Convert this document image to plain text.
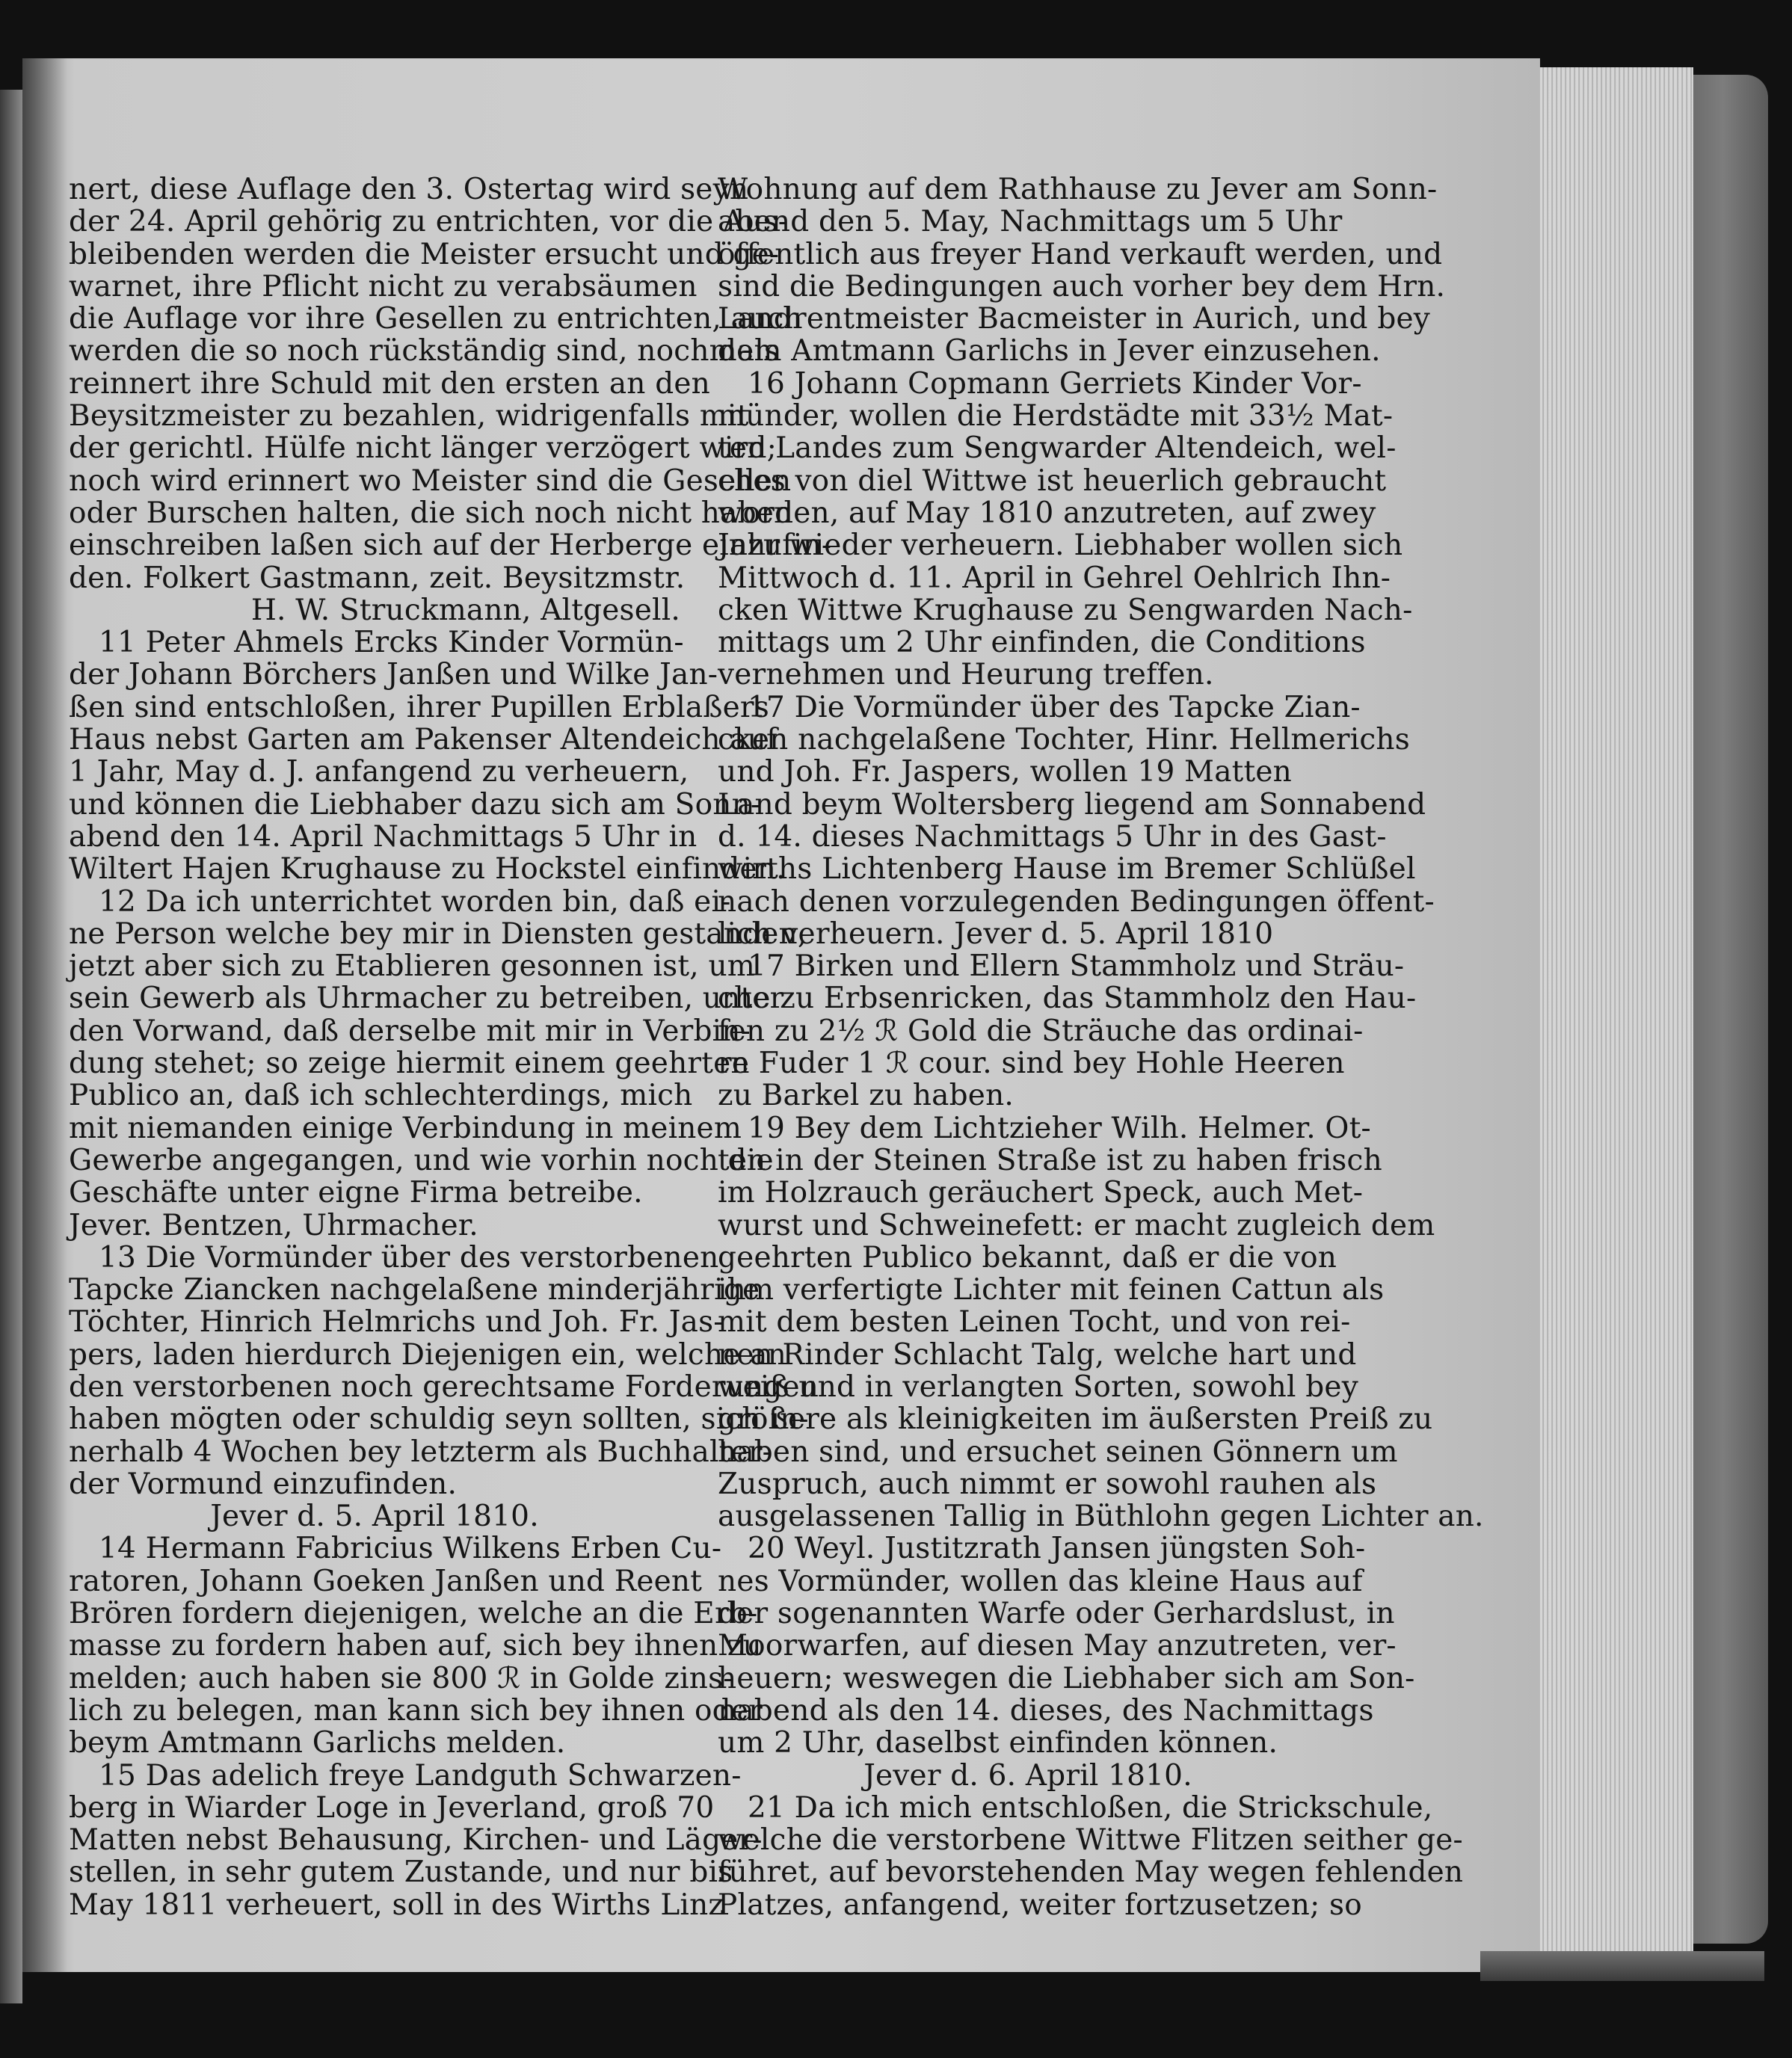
nert, diese Auflage den 3. Ostertag wird seyn
der 24. April gehörig zu entrichten, vor die Aus-
bleibenden werden die Meister ersucht und ge-
warnet, ihre Pflicht nicht zu verabsäumen
die Auflage vor ihre Gesellen zu entrichten, auch
werden die so noch rückständig sind, nochmals
reinnert ihre Schuld mit den ersten an den
Beysitzmeister zu bezahlen, widrigenfalls mit
der gerichtl. Hülfe nicht länger verzögert wird;
noch wird erinnert wo Meister sind die Gesellen
oder Burschen halten, die sich noch nicht haben
einschreiben laßen sich auf der Herberge einzufin-
den. Folkert Gastmann, zeit. Beysitzmstr.
H. W. Struckmann, Altgesell.
11 Peter Ahmels Ercks Kinder Vormün-
der Johann Börchers Janßen und Wilke Jan-
ßen sind entschloßen, ihrer Pupillen Erblaßers
Haus nebst Garten am Pakenser Altendeich auf
1 Jahr, May d. J. anfangend zu verheuern,
und können die Liebhaber dazu sich am Sonn-
abend den 14. April Nachmittags 5 Uhr in
Wiltert Hajen Krughause zu Hockstel einfinden.
12 Da ich unterrichtet worden bin, daß ei-
ne Person welche bey mir in Diensten gestanden,
jetzt aber sich zu Etablieren gesonnen ist, um
sein Gewerb als Uhrmacher zu betreiben, unter
den Vorwand, daß derselbe mit mir in Verbin-
dung stehet; so zeige hiermit einem geehrten
Publico an, daß ich schlechterdings, mich
mit niemanden einige Verbindung in meinem
Gewerbe angegangen, und wie vorhin noch die
Geschäfte unter eigne Firma betreibe.
Jever. Bentzen, Uhrmacher.
13 Die Vormünder über des verstorbenen
Tapcke Ziancken nachgelaßene minderjährige
Töchter, Hinrich Helmrichs und Joh. Fr. Jas-
pers, laden hierdurch Diejenigen ein, welche an
den verstorbenen noch gerechtsame Forderungen
haben mögten oder schuldig seyn sollten, sich in-
nerhalb 4 Wochen bey letzterm als Buchhalter-
der Vormund einzufinden.
Jever d. 5. April 1810.
14 Hermann Fabricius Wilkens Erben Cu-
ratoren, Johann Goeken Janßen und Reent
Brören fordern diejenigen, welche an die Erb-
masse zu fordern haben auf, sich bey ihnen zu
melden; auch haben sie 800 ℛ in Golde zins-
lich zu belegen, man kann sich bey ihnen oder
beym Amtmann Garlichs melden.
15 Das adelich freye Landguth Schwarzen-
berg in Wiarder Loge in Jeverland, groß 70
Matten nebst Behausung, Kirchen- und Läger-
stellen, in sehr gutem Zustande, und nur bis
May 1811 verheuert, soll in des Wirths Linz
Wohnung auf dem Rathhause zu Jever am Sonn-
abend den 5. May, Nachmittags um 5 Uhr
öffentlich aus freyer Hand verkauft werden, und
sind die Bedingungen auch vorher bey dem Hrn.
Landrentmeister Bacmeister in Aurich, und bey
dem Amtmann Garlichs in Jever einzusehen.
16 Johann Copmann Gerriets Kinder Vor-
münder, wollen die Herdstädte mit 33½ Mat-
ten Landes zum Sengwarder Altendeich, wel-
ches von diel Wittwe ist heuerlich gebraucht
worden, auf May 1810 anzutreten, auf zwey
Jahr wieder verheuern. Liebhaber wollen sich
Mittwoch d. 11. April in Gehrel Oehlrich Ihn-
cken Wittwe Krughause zu Sengwarden Nach-
mittags um 2 Uhr einfinden, die Conditions
vernehmen und Heurung treffen.
17 Die Vormünder über des Tapcke Zian-
cken nachgelaßene Tochter, Hinr. Hellmerichs
und Joh. Fr. Jaspers, wollen 19 Matten
Land beym Woltersberg liegend am Sonnabend
d. 14. dieses Nachmittags 5 Uhr in des Gast-
wirths Lichtenberg Hause im Bremer Schlüßel
nach denen vorzulegenden Bedingungen öffent-
lich verheuern. Jever d. 5. April 1810
17 Birken und Ellern Stammholz und Sträu-
che zu Erbsenricken, das Stammholz den Hau-
fen zu 2½ ℛ Gold die Sträuche das ordinai-
re Fuder 1 ℛ cour. sind bey Hohle Heeren
zu Barkel zu haben.
19 Bey dem Lichtzieher Wilh. Helmer. Ot-
ten in der Steinen Straße ist zu haben frisch
im Holzrauch geräuchert Speck, auch Met-
wurst und Schweinefett: er macht zugleich dem
geehrten Publico bekannt, daß er die von
ihm verfertigte Lichter mit feinen Cattun als
mit dem besten Leinen Tocht, und von rei-
nen Rinder Schlacht Talg, welche hart und
weiß und in verlangten Sorten, sowohl bey
größere als kleinigkeiten im äußersten Preiß zu
haben sind, und ersuchet seinen Gönnern um
Zuspruch, auch nimmt er sowohl rauhen als
ausgelassenen Tallig in Büthlohn gegen Lichter an.
20 Weyl. Justitzrath Jansen jüngsten Soh-
nes Vormünder, wollen das kleine Haus auf
der sogenannten Warfe oder Gerhardslust, in
Moorwarfen, auf diesen May anzutreten, ver-
heuern; weswegen die Liebhaber sich am Son-
nabend als den 14. dieses, des Nachmittags
um 2 Uhr, daselbst einfinden können.
Jever d. 6. April 1810.
21 Da ich mich entschloßen, die Strickschule,
welche die verstorbene Wittwe Flitzen seither ge-
führet, auf bevorstehenden May wegen fehlenden
Platzes, anfangend, weiter fortzusetzen; so
